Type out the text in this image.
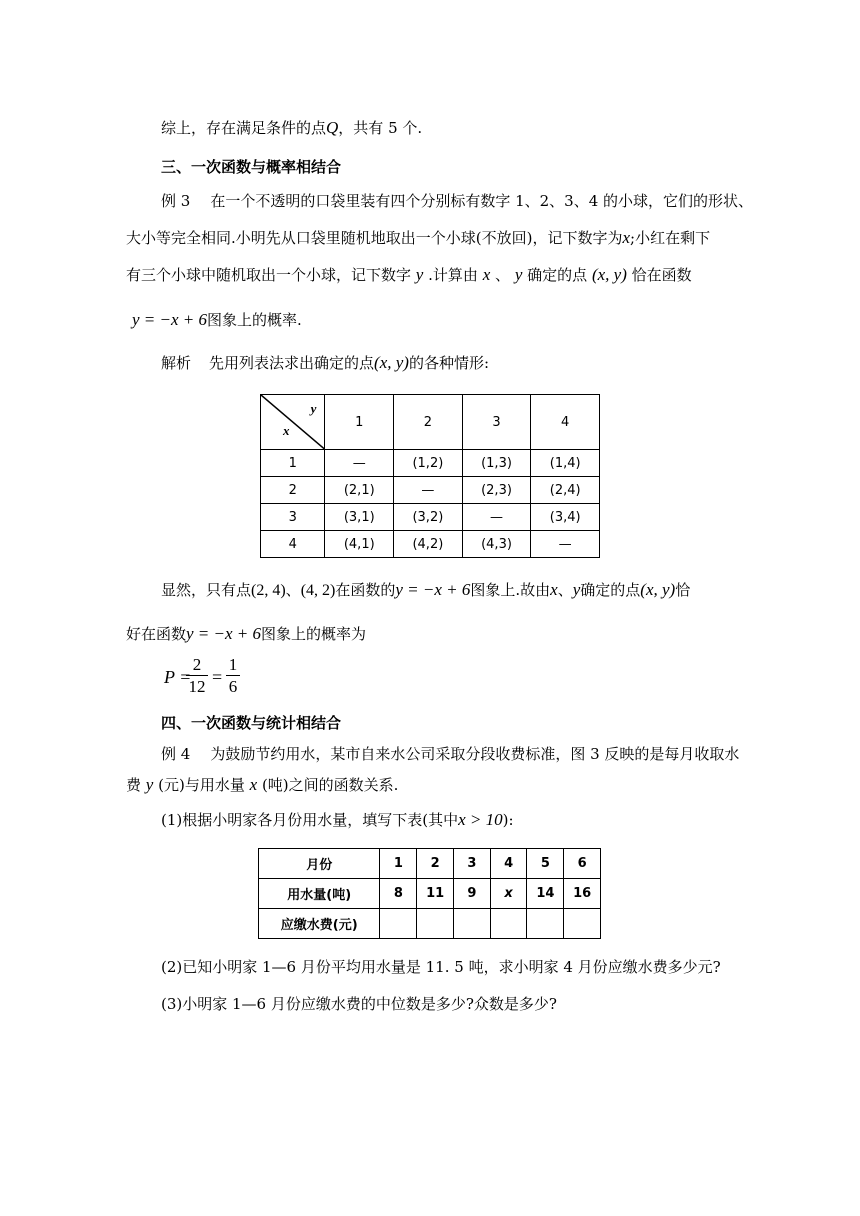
综上，存在满足条件的点Q，共有 5 个.
三、一次函数与概率相结合
例 3 在一个不透明的口袋里装有四个分别标有数字 1、2、3、4 的小球，它们的形状、
大小等完全相同.小明先从口袋里随机地取出一个小球(不放回)，记下数字为x;小红在剩下
有三个小球中随机取出一个小球，记下数字 y .计算由 x 、 y 确定的点 (x, y) 恰在函数
y = −x + 6图象上的概率.
解析 先用列表法求出确定的点(x, y)的各种情形:
y
x	1	2	3	4
1	—	(1,2)	(1,3)	(1,4)
2	(2,1)	—	(2,3)	(2,4)
3	(3,1)	(3,2)	—	(3,4)
4	(4,1)	(4,2)	(4,3)	—
显然，只有点(2, 4)、(4, 2)在函数的y = −x + 6图象上.故由x、y确定的点(x, y)恰
好在函数y = −x + 6图象上的概率为
P =
$\frac{2}{12} = \frac{1}{6}$
四、一次函数与统计相结合
例 4 为鼓励节约用水，某市自来水公司采取分段收费标准，图 3 反映的是每月收取水
费 y (元)与用水量 x (吨)之间的函数关系.
(1)根据小明家各月份用水量，填写下表(其中x > 10):
月份	1	2	3	4	5	6
用水量(吨)	8	11	9	x	14	16
应缴水费(元)						
(2)已知小明家 1—6 月份平均用水量是 11. 5 吨，求小明家 4 月份应缴水费多少元?
(3)小明家 1—6 月份应缴水费的中位数是多少?众数是多少?
